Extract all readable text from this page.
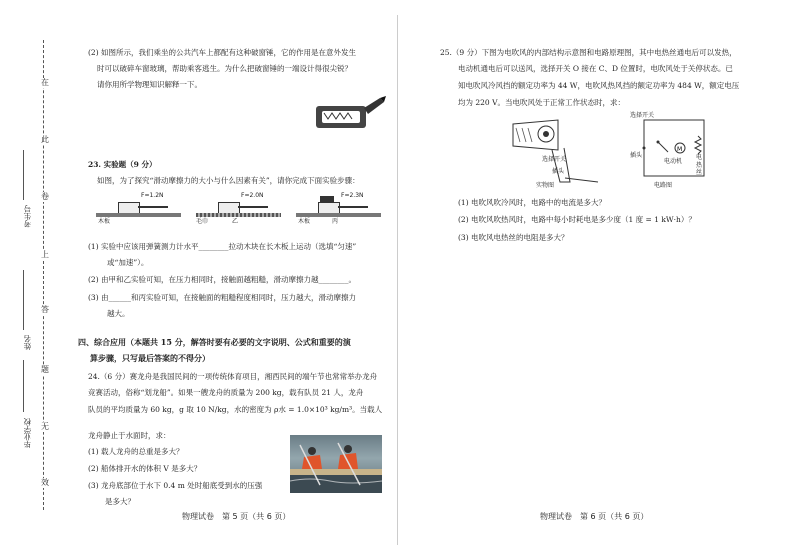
在
此
卷
上
答
题
无
效
考生号
姓名
毕业学校
(2) 如图所示，我们乘坐的公共汽车上都配有这种破窗锤，它的作用是在意外发生
时可以破碎车窗玻璃，帮助乘客逃生。为什么把破窗锤的一端设计得很尖锐？
请你用所学物理知识解释一下。
23. 实验题（9 分）
如图，为了探究“滑动摩擦力的大小与什么因素有关”，请你完成下面实验步骤：
F=1.2N
木板
F=2.0N
毛巾	乙
F=2.3N
木板	丙
(1) 实验中应该用弹簧测力计水平________拉动木块在长木板上运动（选填“匀速”
或“加速”）。
(2) 由甲和乙实验可知，在压力相同时，接触面越粗糙，滑动摩擦力越________。
(3) 由______和丙实验可知，在接触面的粗糙程度相同时，压力越大，滑动摩擦力
越大。
四、综合应用（本题共 15 分，解答时要有必要的文字说明、公式和重要的演
算步骤，只写最后答案的不得分）
24.（6 分）赛龙舟是我国民间的一项传统体育项目，湘西民间的端午节也常常举办龙舟
竞赛活动，俗称“划龙船”。如果一艘龙舟的质量为 200 kg，载有队员 21 人，龙舟
队员的平均质量为 60 kg，g 取 10 N/kg，水的密度为 ρ水 = 1.0×10³ kg/m³。当载人
龙舟静止于水面时，求：
(1) 载人龙舟的总重是多大？
(2) 船体排开水的体积 V 是多大？
(3) 龙舟底部位于水下 0.4 m 处时船底受到水的压强
是多大？
物理试卷　第 5 页（共 6 页）
25.（9 分）下图为电吹风的内部结构示意图和电路原理图，其中电热丝通电后可以发热，
电动机通电后可以送风，选择开关 O 接在 C、D 位置时，电吹风处于关停状态。已
知电吹风冷风挡的额定功率为 44 W，电吹风热风挡的额定功率为 484 W，额定电压
均为 220 V。当电吹风处于正常工作状态时，求：
选择开关
插头
实物图
M
选择开关
插头
电动机
电热丝
电路图
(1) 电吹风吹冷风时，电路中的电流是多大？
(2) 电吹风吹热风时，电路中每小时耗电是多少度（1 度 = 1 kW·h）？
(3) 电吹风电热丝的电阻是多大？
物理试卷　第 6 页（共 6 页）
